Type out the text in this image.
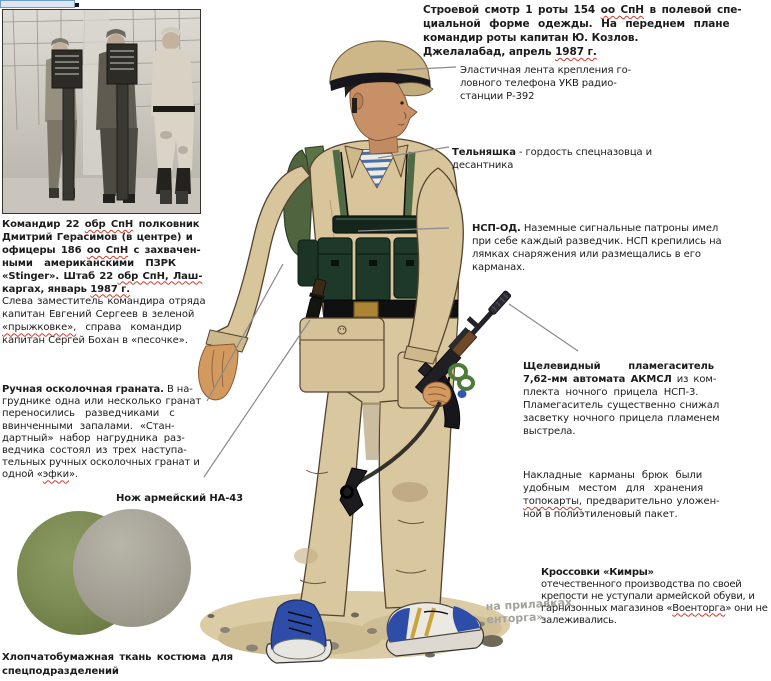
на прилавках
енторга»
Строевой смотр 1 роты 154 оо СпН в полевой спе-
циальной форме одежды. На переднем плане
командир роты капитан Ю. Козлов.
Джелалабад, апрель 1987 г.
Эластичная лента крепления го-
ловного телефона УКВ радио-
станции Р-392
Тельняшка - гордость спецназовца и
десантника
НСП-ОД. Наземные сигнальные патроны имел
при себе каждый разведчик. НСП крепились на
лямках снаряжения или размещались в его
карманах.
Щелевидный	пламегаситель
7,62-мм автомата АКМСЛ из ком-
плекта ночного прицела НСП-3.
Пламегаситель существенно снижал
засветку ночного прицела пламенем
выстрела.
Накладные карманы брюк были
удобным местом для хранения
топокарты, предварительно уложен-
ной в полиэтиленовый пакет.
Кроссовки «Кимры»
отечественного производства по своей
крепости не уступали армейской обуви, и
гарнизонных магазинов «Военторга» они не
залеживались.
Командир 22 обр СпН полковник
Дмитрий Герасимов (в центре) и
офицеры 186 оо СпН с захвачен-
ными американскими ПЗРК
«Stinger». Штаб 22 обр СпН, Лаш-
каргах, январь 1987 г.
Слева заместитель командира отряда
капитан Евгений Сергеев в зеленой
«прыжковке», справа командир
капитан Сергей Бохан в «песочке».
Ручная осколочная граната. В на-
груднике одна или несколько гранат
переносились разведчиками с
ввинченными запалами. «Стан-
дартный» набор нагрудника раз-
ведчика состоял из трех наступа-
тельных ручных осколочных гранат и
одной «эфки».
Нож армейский НА-43
Хлопчатобумажная ткань костюма для
спецподразделений
